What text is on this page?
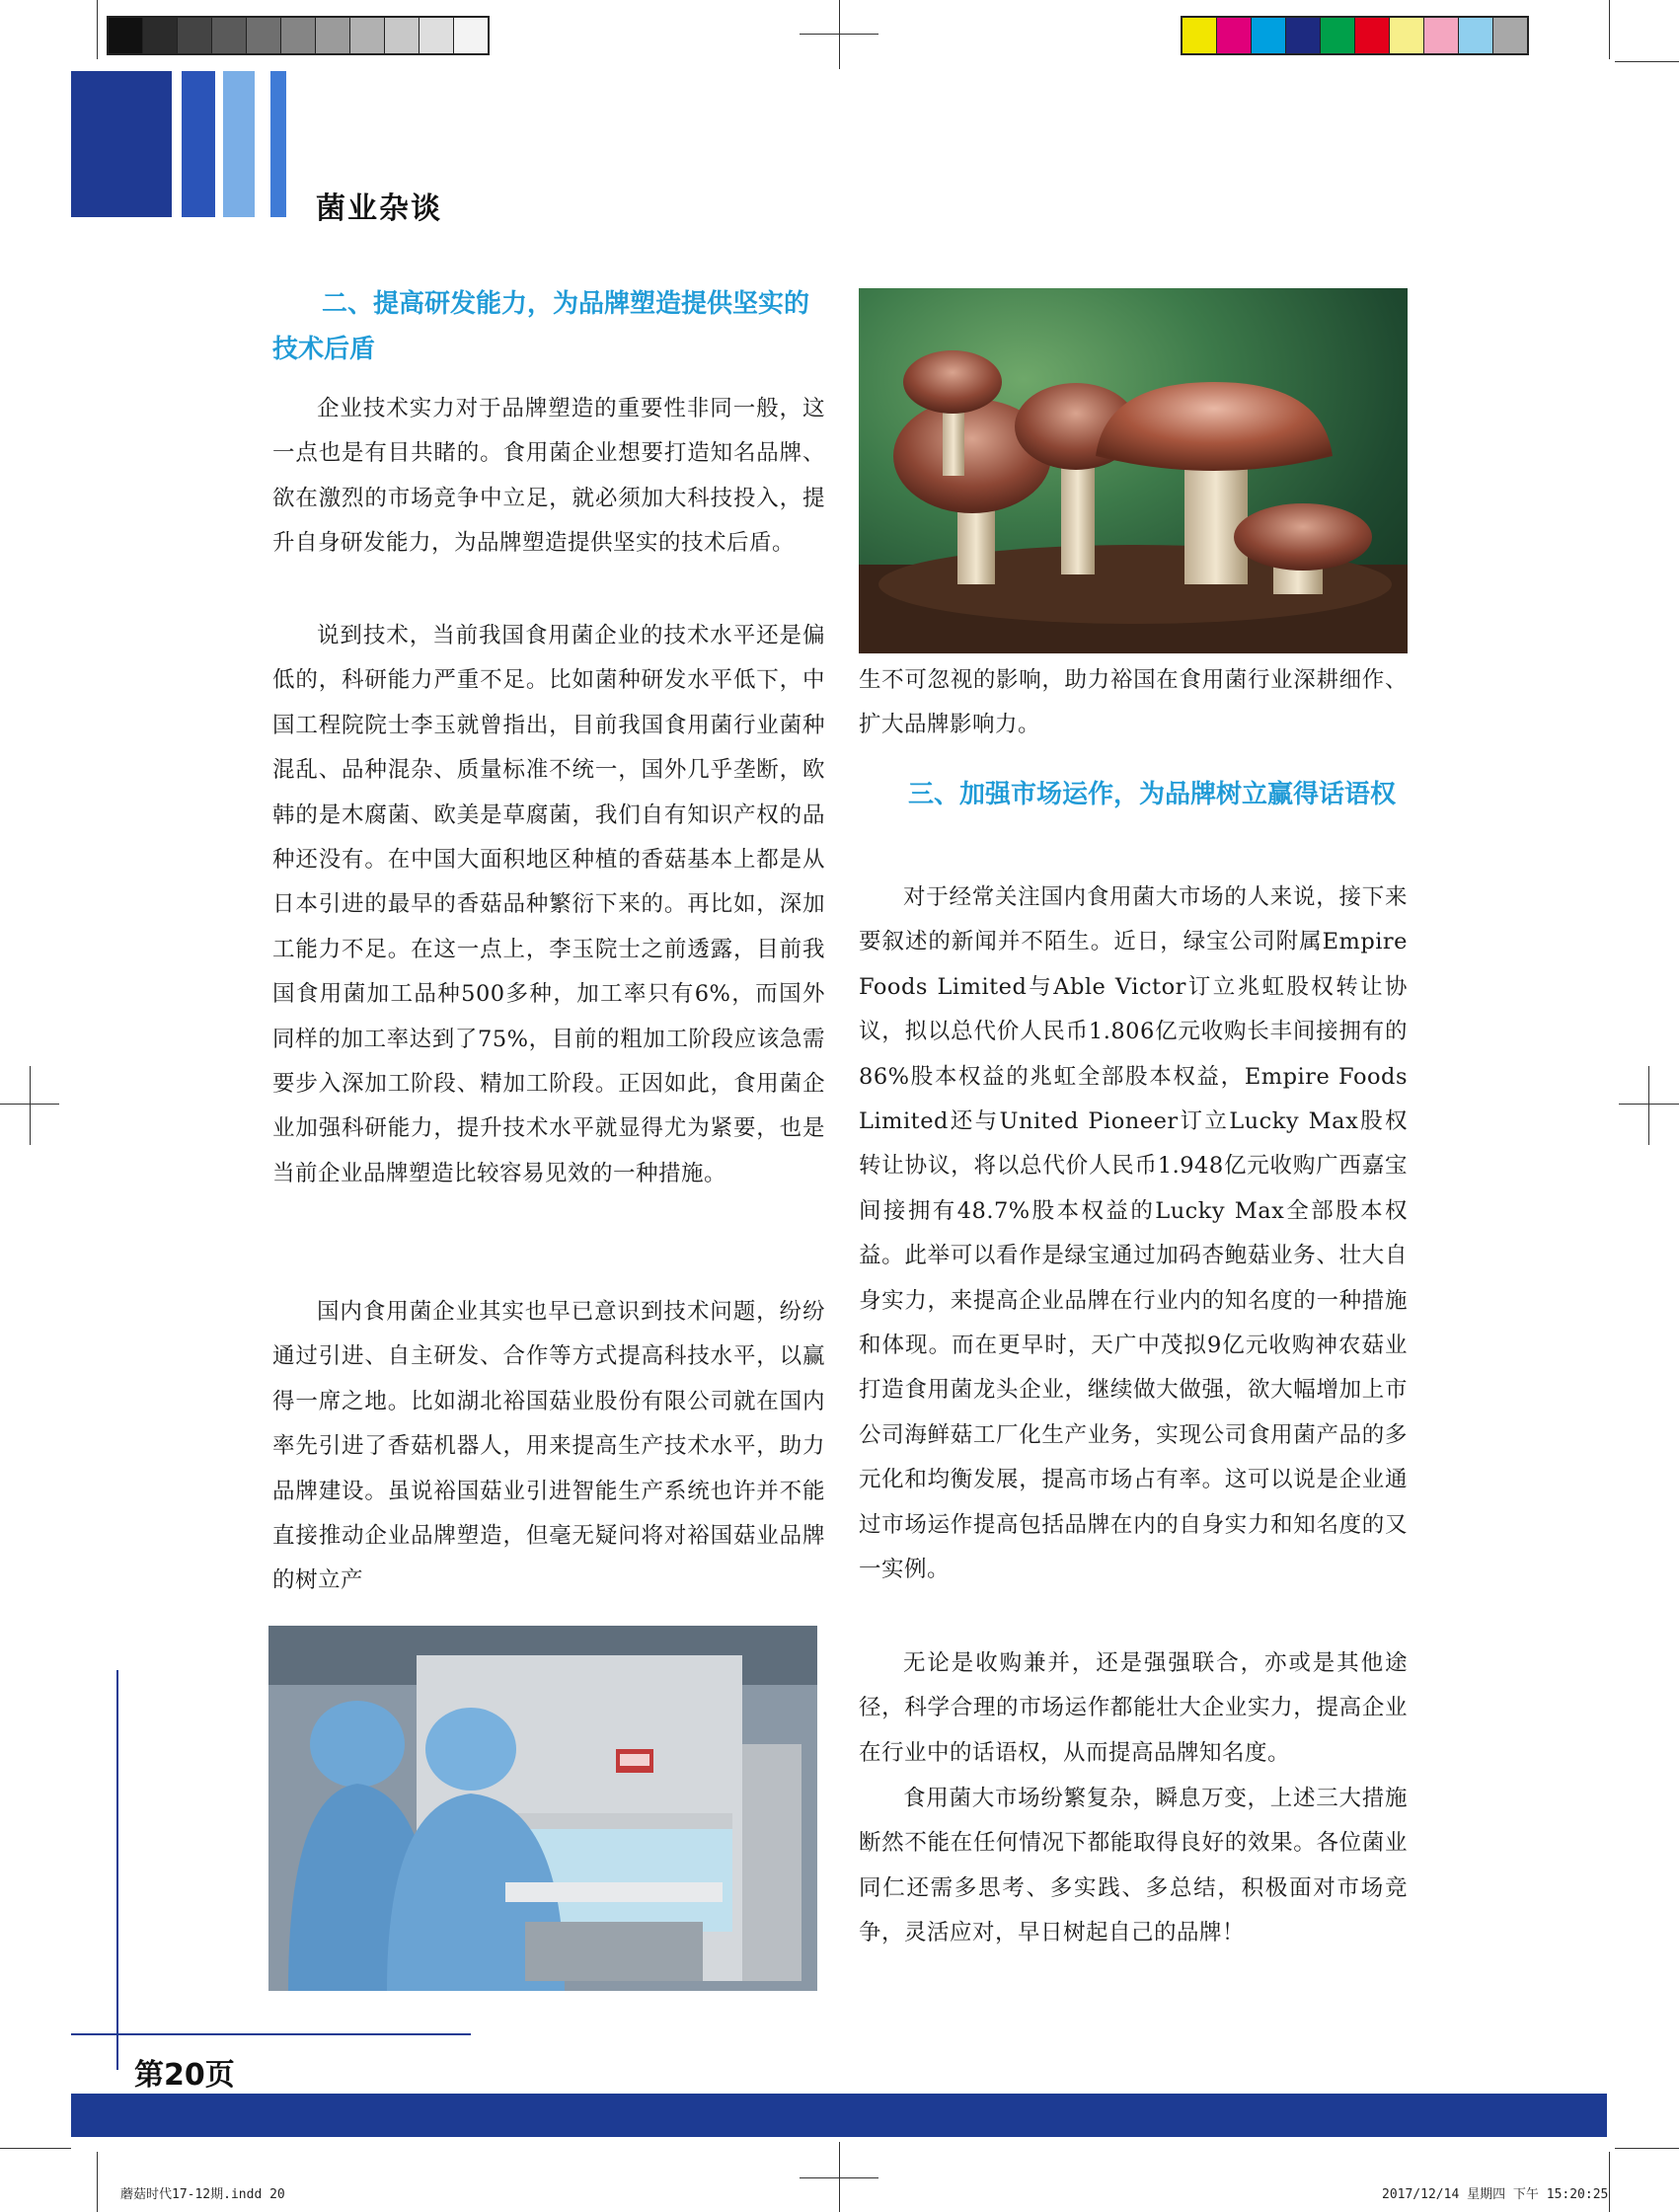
菌业杂谈
二、提高研发能力，为品牌塑造提供坚实的技术后盾

企业技术实力对于品牌塑造的重要性非同一般，这一点也是有目共睹的。食用菌企业想要打造知名品牌、欲在激烈的市场竞争中立足，就必须加大科技投入，提升自身研发能力，为品牌塑造提供坚实的技术后盾。

说到技术，当前我国食用菌企业的技术水平还是偏低的，科研能力严重不足。比如菌种研发水平低下，中国工程院院士李玉就曾指出，目前我国食用菌行业菌种混乱、品种混杂、质量标准不统一，国外几乎垄断，欧韩的是木腐菌、欧美是草腐菌，我们自有知识产权的品种还没有。在中国大面积地区种植的香菇基本上都是从日本引进的最早的香菇品种繁衍下来的。再比如，深加工能力不足。在这一点上，李玉院士之前透露，目前我国食用菌加工品种500多种，加工率只有6%，而国外同样的加工率达到了75%，目前的粗加工阶段应该急需要步入深加工阶段、精加工阶段。正因如此，食用菌企业加强科研能力，提升技术水平就显得尤为紧要，也是当前企业品牌塑造比较容易见效的一种措施。

国内食用菌企业其实也早已意识到技术问题，纷纷通过引进、自主研发、合作等方式提高科技水平，以赢得一席之地。比如湖北裕国菇业股份有限公司就在国内率先引进了香菇机器人，用来提高生产技术水平，助力品牌建设。虽说裕国菇业引进智能生产系统也许并不能直接推动企业品牌塑造，但毫无疑问将对裕国菇业品牌的树立产

生不可忽视的影响，助力裕国在食用菌行业深耕细作、扩大品牌影响力。

三、加强市场运作，为品牌树立赢得话语权

对于经常关注国内食用菌大市场的人来说，接下来要叙述的新闻并不陌生。近日，绿宝公司附属Empire Foods Limited与Able Victor订立兆虹股权转让协议，拟以总代价人民币1.806亿元收购长丰间接拥有的86%股本权益的兆虹全部股本权益，Empire Foods Limited还与United Pioneer订立Lucky Max股权转让协议，将以总代价人民币1.948亿元收购广西嘉宝间接拥有48.7%股本权益的Lucky Max全部股本权益。此举可以看作是绿宝通过加码杏鲍菇业务、壮大自身实力，来提高企业品牌在行业内的知名度的一种措施和体现。而在更早时，天广中茂拟9亿元收购神农菇业打造食用菌龙头企业，继续做大做强，欲大幅增加上市公司海鲜菇工厂化生产业务，实现公司食用菌产品的多元化和均衡发展，提高市场占有率。这可以说是企业通过市场运作提高包括品牌在内的自身实力和知名度的又一实例。

无论是收购兼并，还是强强联合，亦或是其他途径，科学合理的市场运作都能壮大企业实力，提高企业在行业中的话语权，从而提高品牌知名度。

食用菌大市场纷繁复杂，瞬息万变，上述三大措施断然不能在任何情况下都能取得良好的效果。各位菌业同仁还需多思考、多实践、多总结，积极面对市场竞争，灵活应对，早日树起自己的品牌！

第20页
蘑菇时代17-12期.indd 20	2017/12/14 星期四 下午 15:20:25
